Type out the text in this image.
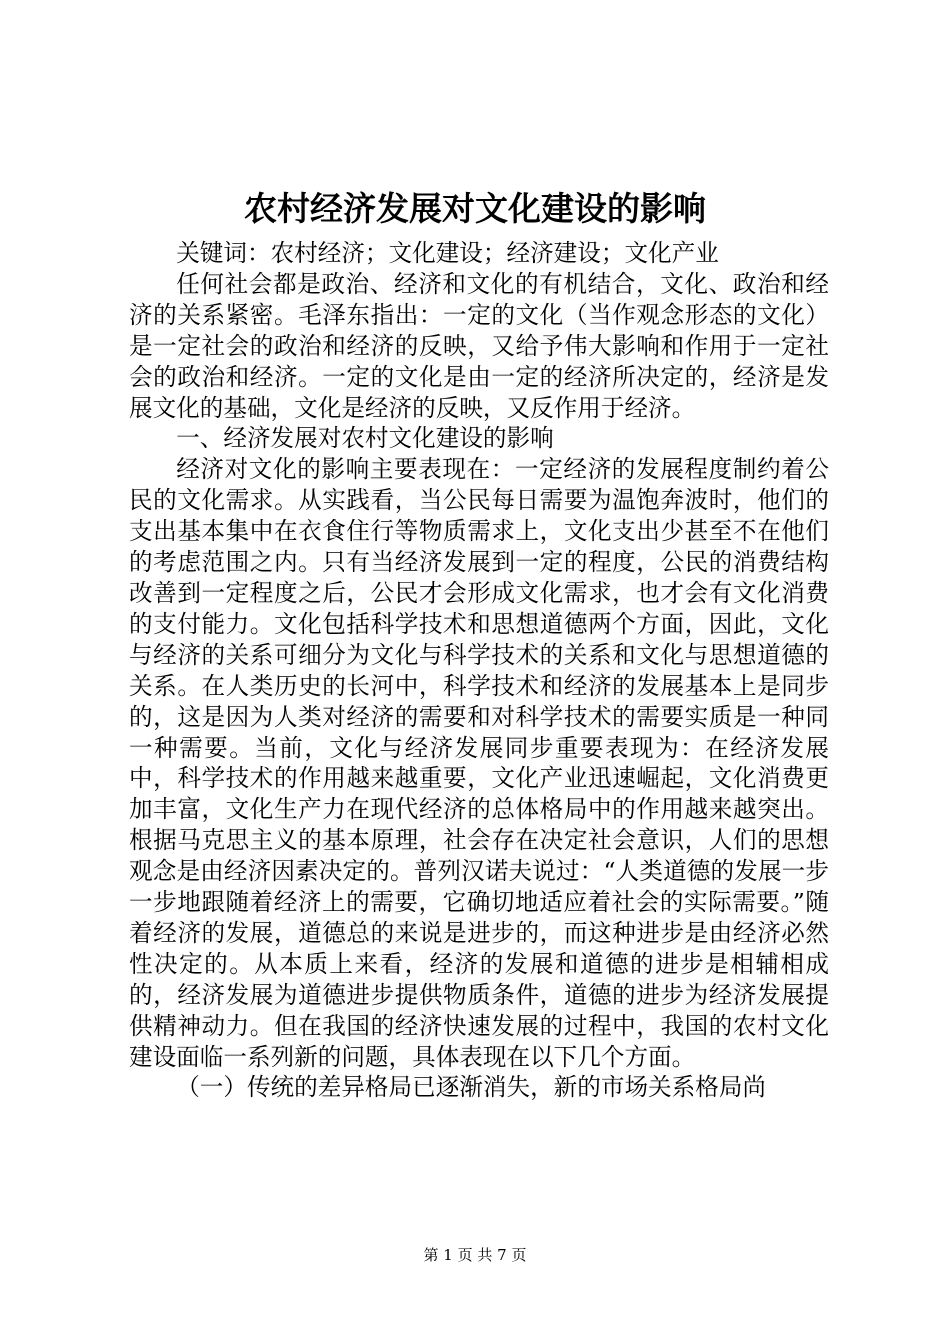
农村经济发展对文化建设的影响

关键词：农村经济；文化建设；经济建设；文化产业

任何社会都是政治、经济和文化的有机结合，文化、政治和经济的关系紧密。毛泽东指出：一定的文化（当作观念形态的文化）是一定社会的政治和经济的反映，又给予伟大影响和作用于一定社会的政治和经济。一定的文化是由一定的经济所决定的，经济是发展文化的基础，文化是经济的反映，又反作用于经济。

一、经济发展对农村文化建设的影响

经济对文化的影响主要表现在：一定经济的发展程度制约着公民的文化需求。从实践看，当公民每日需要为温饱奔波时，他们的支出基本集中在衣食住行等物质需求上，文化支出少甚至不在他们的考虑范围之内。只有当经济发展到一定的程度，公民的消费结构改善到一定程度之后，公民才会形成文化需求，也才会有文化消费的支付能力。文化包括科学技术和思想道德两个方面，因此，文化与经济的关系可细分为文化与科学技术的关系和文化与思想道德的关系。在人类历史的长河中，科学技术和经济的发展基本上是同步的，这是因为人类对经济的需要和对科学技术的需要实质是一种同一种需要。当前，文化与经济发展同步重要表现为：在经济发展中，科学技术的作用越来越重要，文化产业迅速崛起，文化消费更加丰富，文化生产力在现代经济的总体格局中的作用越来越突出。根据马克思主义的基本原理，社会存在决定社会意识，人们的思想观念是由经济因素决定的。普列汉诺夫说过：“人类道德的发展一步一步地跟随着经济上的需要，它确切地适应着社会的实际需要。”随着经济的发展，道德总的来说是进步的，而这种进步是由经济必然性决定的。从本质上来看，经济的发展和道德的进步是相辅相成的，经济发展为道德进步提供物质条件，道德的进步为经济发展提供精神动力。但在我国的经济快速发展的过程中，我国的农村文化建设面临一系列新的问题，具体表现在以下几个方面。

（一）传统的差异格局已逐渐消失，新的市场关系格局尚

第 1 页 共 7 页
